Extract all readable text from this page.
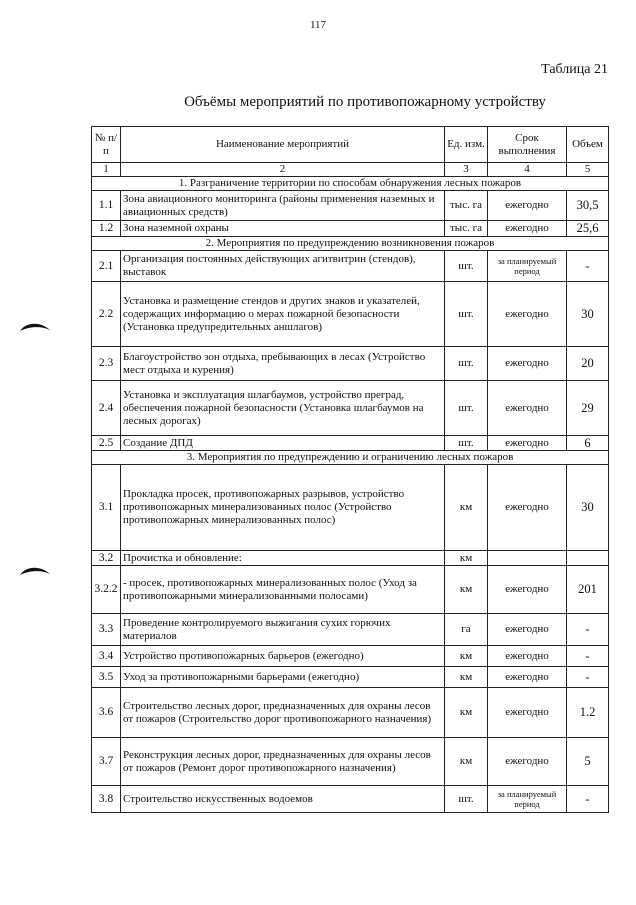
117
Таблица 21
Объёмы мероприятий по противопожарному устройству
№ п/п	Наименование мероприятий	Ед. изм.	Срок выполнения	Объем
1	2	3	4	5
1. Разграничение территории по способам обнаружения лесных пожаров				
1.1	Зона авиационного мониторинга (районы применения наземных и авиационных средств)	тыс. га	ежегодно	30,5
1.2	Зона наземной охраны	тыс. га	ежегодно	25,6
2. Мероприятия по предупреждению возникновения пожаров				
2.1	Организация постоянных действующих агитвитрин (стендов), выставок	шт.	за планируемый период	-
2.2	Установка и размещение стендов и других знаков и указателей, содержащих информацию о мерах пожарной безопасности (Установка предупредительных аншлагов)	шт.	ежегодно	30
2.3	Благоустройство зон отдыха, пребывающих в лесах (Устройство мест отдыха и курения)	шт.	ежегодно	20
2.4	Установка и эксплуатация шлагбаумов, устройство преград, обеспечения пожарной безопасности (Установка шлагбаумов на лесных дорогах)	шт.	ежегодно	29
2.5	Создание ДПД	шт.	ежегодно	6
3. Мероприятия по предупреждению и ограничению лесных пожаров				
3.1	Прокладка просек, противопожарных разрывов, устройство противопожарных минерализованных полос (Устройство противопожарных минерализованных полос)	км	ежегодно	30
3.2	Прочистка и обновление:	км		
3.2.2	- просек, противопожарных минерализованных полос (Уход за противопожарными минерализованными полосами)	км	ежегодно	201
3.3	Проведение контролируемого выжигания сухих горючих материалов	га	ежегодно	-
3.4	Устройство противопожарных барьеров (ежегодно)	км	ежегодно	-
3.5	Уход за противопожарными барьерами (ежегодно)	км	ежегодно	-
3.6	Строительство лесных дорог, предназначенных для охраны лесов от пожаров (Строительство дорог противопожарного назначения)	км	ежегодно	1.2
3.7	Реконструкция лесных дорог, предназначенных для охраны лесов от пожаров (Ремонт дорог противопожарного назначения)	км	ежегодно	5
3.8	Строительство искусственных водоемов	шт.	за планируемый период	-
